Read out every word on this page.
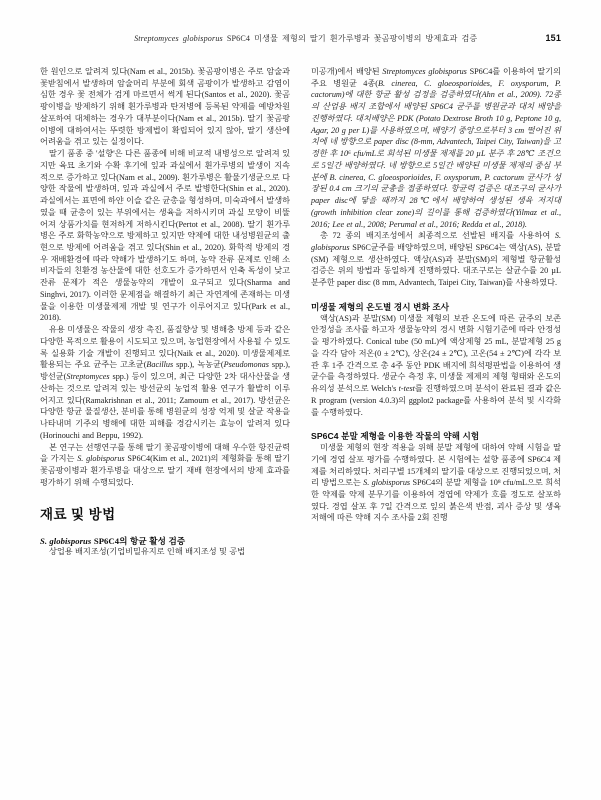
Streptomyces globisporus SP6C4 미생물 제형의 딸기 흰가루병과 꽃곰팡이병의 방제효과 검증	151

한 원인으로 알려져 있다(Nam et al., 2015b). 꽃곰팡이병은 주로 암술과 꽃받침에서 발생하며 암술머리 부분에 회색 곰팡이가 발생하고 감염이 심한 경우 꽃 전체가 검게 마르면서 썩게 된다(Santos et al., 2020). 꽃곰팡이병을 방제하기 위해 흰가루병과 탄저병에 등록된 약제를 예방차원 살포하여 대체하는 경우가 대부분이다(Nam et al., 2015b). 딸기 꽃곰팡이병에 대하여서는 뚜렷한 방제법이 확립되어 있지 않아, 딸기 생산에 어려움을 겪고 있는 실정이다.

딸기 품종 중 '설향'은 다른 품종에 비해 비교적 내병성으로 알려져 있지만 육묘 초기와 수확 후기에 잎과 과실에서 흰가루병의 발생이 지속적으로 증가하고 있다(Nam et al., 2009). 흰가루병은 활물기생균으로 다양한 작물에 발생하며, 잎과 과실에서 주로 발병한다(Shin et al., 2020). 과실에서는 표면에 하얀 이슬 같은 균총을 형성하며, 미숙과에서 발생하였을 때 균총이 있는 부위에서는 생육을 저하시키며 과실 모양이 비뚤어져 상품가치를 현저하게 저하시킨다(Pertot et al., 2008). 딸기 흰가루병은 주로 화학농약으로 방제하고 있지만 약제에 대한 내성병원균의 출현으로 방제에 어려움을 겪고 있다(Shin et al., 2020). 화학적 방제의 경우 재배환경에 따라 약해가 발생하기도 하며, 농약 잔류 문제로 인해 소비자들의 친환경 농산물에 대한 선호도가 증가하면서 인축 독성이 낮고 잔류 문제가 적은 생물농약의 개발이 요구되고 있다(Sharma and Singhvi, 2017). 이러한 문제점을 해결하기 최근 자연계에 존재하는 미생물을 이용한 미생물제제 개발 및 연구가 이루어지고 있다(Park et al., 2018).

유용 미생물은 작물의 생장 촉진, 품질향상 및 병해충 방제 등과 같은 다양한 목적으로 활용이 시도되고 있으며, 농업현장에서 사용될 수 있도록 실용화 기술 개발이 진행되고 있다(Naik et al., 2020). 미생물제제로 활용되는 주요 균주는 고초균(Bacillus spp.), 녹농균(Pseudomonas spp.), 방선균(Streptomyces spp.) 등이 있으며, 최근 다양한 2차 대사산물을 생산하는 것으로 알려져 있는 방선균의 농업적 활용 연구가 활발히 이루어지고 있다(Ramakrishnan et al., 2011; Zamoum et al., 2017). 방선균은 다양한 항균 물질생산, 분비를 통해 병원균의 성장 억제 및 살균 작용을 나타내며 기주의 병해에 대한 피해를 경감시키는 효능이 알려져 있다(Horinouchi and Beppu, 1992).

본 연구는 선행연구를 통해 딸기 꽃곰팡이병에 대해 우수한 항진균력을 가지는 S. globisporus SP6C4(Kim et al., 2021)의 제형화를 통해 딸기 꽃곰팡이병과 흰가루병을 대상으로 딸기 재배 현장에서의 방제 효과를 평가하기 위해 수행되었다.

재료 및 방법
S. globisporus SP6C4의 항균 활성 검증

상업용 배지조성(기업비밀유지로 인해 배지조성 및 공법

미공개)에서 배양된 Streptomyces globisporus SP6C4를 이용하여 딸기의 주요 병원균 4종(B. cinerea, C. gloeosporioides, F. oxysporum, P. cactorum)에 대한 항균 활성 검정을 검증하였다(Ahn et al., 2009). 72종의 산업용 배지 조합에서 배양된 SP6C4 균주를 병원균과 대치 배양을 진행하였다. 대치배양은 PDK (Potato Dextrose Broth 10 g, Peptone 10 g, Agar, 20 g per L)를 사용하였으며, 배양기 중앙으로부터 3 cm 떨어진 위치에 네 방향으로 paper disc (8-mm, Advantech, Taipei City, Taiwan)을 고정한 후 10⁶ cfu/mL로 희석된 미생물 제제를 20 µL 분주 후 28℃ 조건으로 5일간 배양하였다. 네 방향으로 5일간 배양된 미생물 제제의 중심 부분에 B. cinerea, C. gloeosporioides, F. oxysporum, P. cactorum 균사가 성장된 0.4 cm 크기의 균총을 접종하였다. 항균력 검증은 대조구의 균사가 paper disc에 닿을 때까지 28℃에서 배양하여 생성된 생육 저지대(growth inhibition clear zone)의 길이를 통해 검증하였다(Yilmaz et al., 2016; Lee et al., 2008; Perumal et al., 2016; Redda et al., 2018).

총 72 종의 배지조성에서 최종적으로 선발된 배지를 사용하여 S. globisporus SP6C균주를 배양하였으며, 배양된 SP6C4는 액상(AS), 분말(SM) 제형으로 생산하였다. 액상(AS)과 분말(SM)의 제형별 항균활성 검증은 위의 방법과 동일하게 진행하였다. 대조구로는 살균수를 20 µL 분주한 paper disc (8 mm, Advantech, Taipei City, Taiwan)를 사용하였다.

미생물 제형의 온도별 경시 변화 조사

액상(AS)과 분말(SM) 미생물 제형의 보관 온도에 따른 균주의 보존 안정성을 조사를 하고자 생물농약의 경시 변화 시험기준에 따라 안정성을 평가하였다. Conical tube (50 mL)에 액상제형 25 mL, 분말제형 25 g을 각각 담아 저온(0 ± 2℃), 상온(24 ± 2℃), 고온(54 ± 2℃)에 각각 보관 후 1주 간격으로 총 4주 동안 PDK 배지에 희석평판법을 이용하여 생균수를 측정하였다. 생균수 측정 후, 미생물 제제의 제형 형태와 온도의 유의성 분석으로 Welch's t-test를 진행하였으며 분석이 완료된 결과 값은 R program (version 4.0.3)의 ggplot2 package를 사용하여 분석 및 시각화를 수행하였다.

SP6C4 분말 제형을 이용한 작물의 약해 시험

미생물 제형의 현장 적용을 위해 분말 제형에 대하여 약해 시험을 딸기에 경엽 살포 평가를 수행하였다. 본 시험에는 설향 품종에 SP6C4 제제를 처리하였다. 처리구별 15개체의 딸기를 대상으로 진행되었으며, 처리 방법으로는 S. globisporus SP6C4의 분말 제형을 10⁸ cfu/mL으로 희석한 약제를 약제 분무기를 이용하여 경엽에 약제가 흐를 정도로 살포하였다. 경엽 살포 후 7일 간격으로 잎의 붉은색 반점, 괴사 증상 및 생육 저해에 따른 약해 지수 조사를 2회 진행
